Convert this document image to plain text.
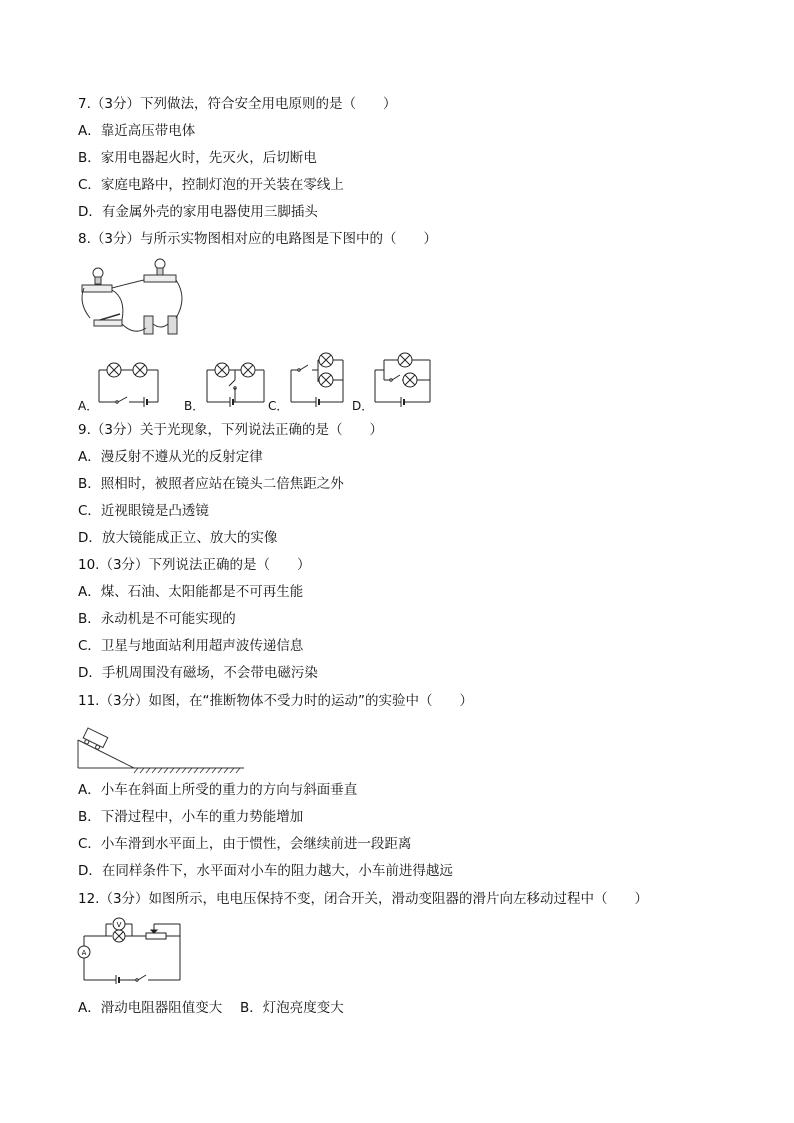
7.（3分）下列做法，符合安全用电原则的是（　　）
A．靠近高压带电体
B．家用电器起火时，先灭火，后切断电
C．家庭电路中，控制灯泡的开关装在零线上
D．有金属外壳的家用电器使用三脚插头
8.（3分）与所示实物图相对应的电路图是下图中的（　　）
A．	B．	C．	D．
9.（3分）关于光现象，下列说法正确的是（　　）
A．漫反射不遵从光的反射定律
B．照相时，被照者应站在镜头二倍焦距之外
C．近视眼镜是凸透镜
D．放大镜能成正立、放大的实像
10.（3分）下列说法正确的是（　　）
A．煤、石油、太阳能都是不可再生能
B．永动机是不可能实现的
C．卫星与地面站利用超声波传递信息
D．手机周围没有磁场，不会带电磁污染
11.（3分）如图，在“推断物体不受力时的运动”的实验中（　　）
A．小车在斜面上所受的重力的方向与斜面垂直
B．下滑过程中，小车的重力势能增加
C．小车滑到水平面上，由于惯性，会继续前进一段距离
D．在同样条件下，水平面对小车的阻力越大，小车前进得越远
12.（3分）如图所示，电电压保持不变，闭合开关，滑动变阻器的滑片向左移动过程中（　　）
V
A
A．滑动电阻器阻值变大　 B．灯泡亮度变大
